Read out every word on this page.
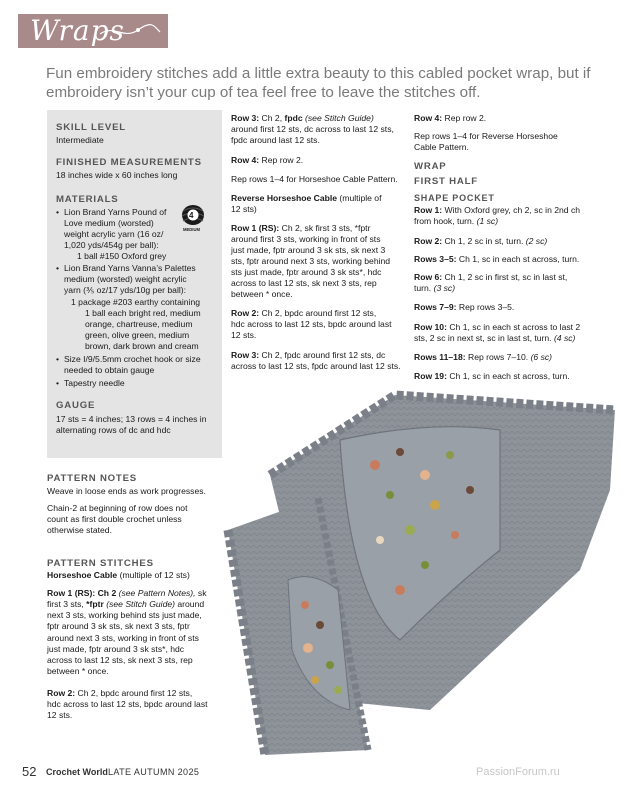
Wraps
Fun embroidery stitches add a little extra beauty to this cabled pocket wrap, but if embroidery isn’t your cup of tea feel free to leave the stitches off.
SKILL LEVEL
Intermediate
FINISHED MEASUREMENTS
18 inches wide x 60 inches long
MATERIALS
4
MEDIUM
• Lion Brand Yarns Pound of
Love medium (worsted)
weight acrylic yarn (16 oz/
1,020 yds/454g per ball):
1 ball #150 Oxford grey
• Lion Brand Yarns Vanna’s Palettes
medium (worsted) weight acrylic
yarn (⅗ oz/17 yds/10g per ball):
1 package #203 earthy containing
1 ball each bright red, medium
orange, chartreuse, medium
green, olive green, medium
brown, dark brown and cream
• Size I/9/5.5mm crochet hook or size
needed to obtain gauge
• Tapestry needle
GAUGE
17 sts = 4 inches; 13 rows = 4 inches in
alternating rows of dc and hdc
PATTERN NOTES
Weave in loose ends as work progresses.
Chain-2 at beginning of row does not
count as first double crochet unless
otherwise stated.
PATTERN STITCHES
Horseshoe Cable (multiple of 12 sts)
Row 1 (RS): Ch 2 (see Pattern Notes), sk
first 3 sts, *fptr (see Stitch Guide) around
next 3 sts, working behind sts just made,
fptr around 3 sk sts, sk next 3 sts, fptr
around next 3 sts, working in front of sts
just made, fptr around 3 sk sts*, hdc
across to last 12 sts, sk next 3 sts, rep
between * once.
Row 2: Ch 2, bpdc around first 12 sts,
hdc across to last 12 sts, bpdc around last
12 sts.
Row 3: Ch 2, fpdc (see Stitch Guide)
around first 12 sts, dc across to last 12 sts,
fpdc around last 12 sts.
Row 4: Rep row 2.
Rep rows 1–4 for Horseshoe Cable Pattern.
Reverse Horseshoe Cable (multiple of
12 sts)
Row 1 (RS): Ch 2, sk first 3 sts, *fptr
around first 3 sts, working in front of sts
just made, fptr around 3 sk sts, sk next 3
sts, fptr around next 3 sts, working behind
sts just made, fptr around 3 sk sts*, hdc
across to last 12 sts, sk next 3 sts, rep
between * once.
Row 2: Ch 2, bpdc around first 12 sts,
hdc across to last 12 sts, bpdc around last
12 sts.
Row 3: Ch 2, fpdc around first 12 sts, dc
across to last 12 sts, fpdc around last 12 sts.
Row 4: Rep row 2.
Rep rows 1–4 for Reverse Horseshoe
Cable Pattern.
WRAP
FIRST HALF
SHAPE POCKET
Row 1: With Oxford grey, ch 2, sc in 2nd ch
from hook, turn. (1 sc)
Row 2: Ch 1, 2 sc in st, turn. (2 sc)
Rows 3–5: Ch 1, sc in each st across, turn.
Row 6: Ch 1, 2 sc in first st, sc in last st,
turn. (3 sc)
Rows 7–9: Rep rows 3–5.
Row 10: Ch 1, sc in each st across to last 2
sts, 2 sc in next st, sc in last st, turn. (4 sc)
Rows 11–18: Rep rows 7–10. (6 sc)
Row 19: Ch 1, sc in each st across, turn.
52 Crochet World LATE AUTUMN 2025	PassionForum.ru
